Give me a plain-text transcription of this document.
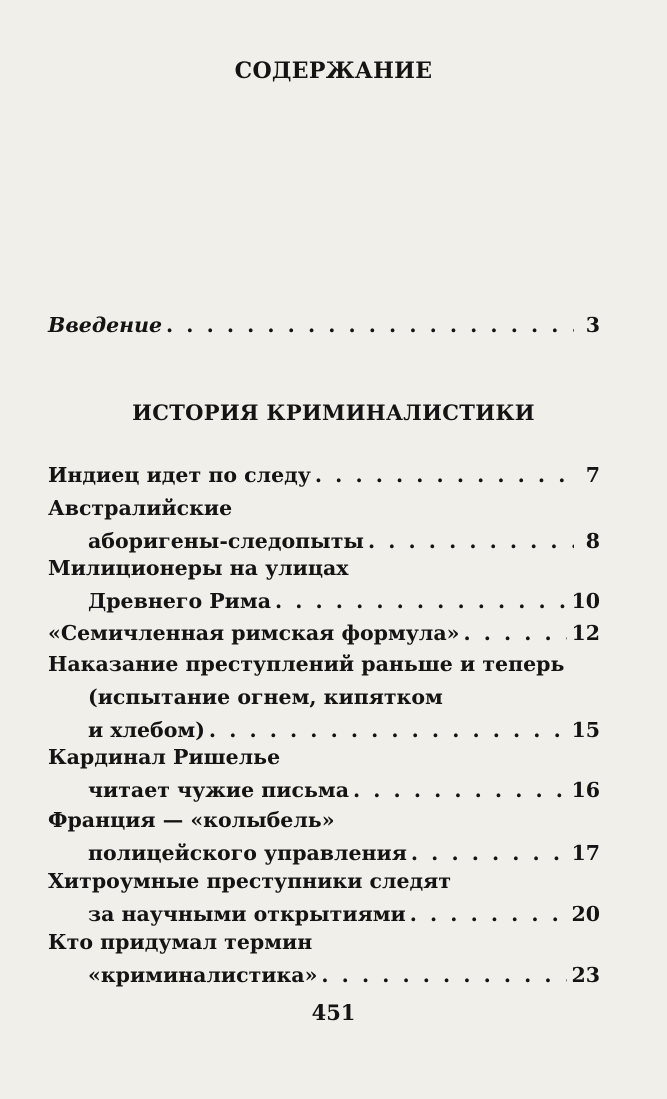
СОДЕРЖАНИЕ
Введение . . .	3
ИСТОРИЯ КРИМИНАЛИСТИКИ
Индиец идет по следу . . .	7
Австралийские
аборигены-следопыты . . .	8
Милиционеры на улицах
Древнего Рима . . .	10
«Семичленная римская формула» . . .	12
Наказание преступлений раньше и теперь
(испытание огнем, кипятком
и хлебом) . . .	15
Кардинал Ришелье
читает чужие письма . . .	16
Франция — «колыбель»
полицейского управления . . .	17
Хитроумные преступники следят
за научными открытиями . . .	20
Кто придумал термин
«криминалистика» . . .	23
451
